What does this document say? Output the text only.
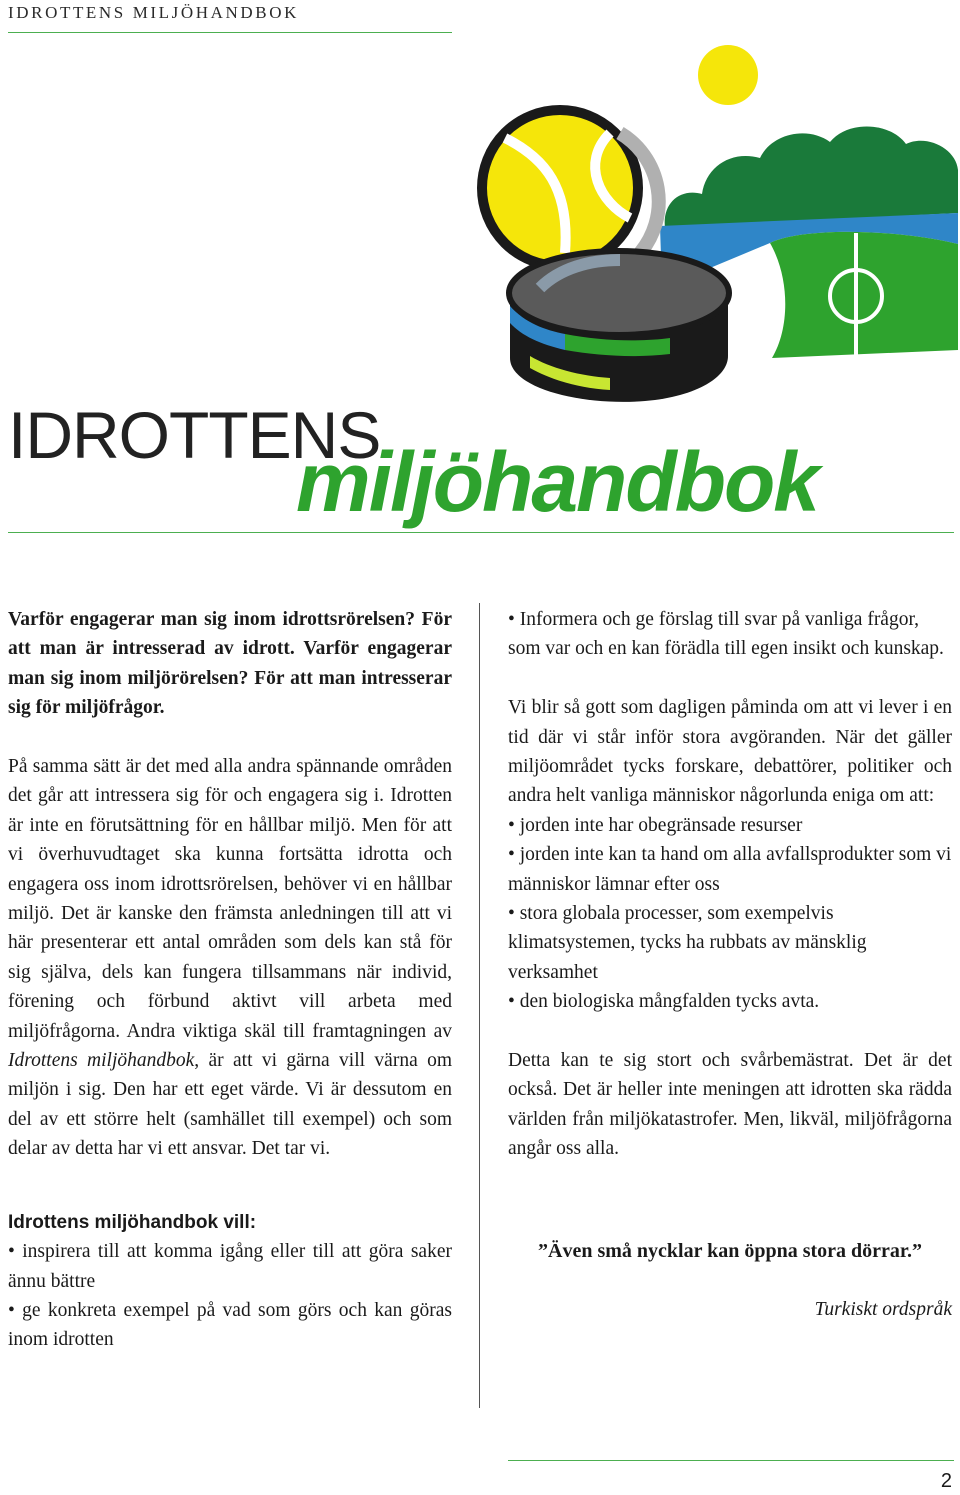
IDROTTENS MILJÖHANDBOK
IDROTTENS
miljöhandbok

Varför engagerar man sig inom idrottsrörelsen? För att man är intresserad av idrott. Varför engagerar man sig inom miljörörelsen? För att man intresserar sig för miljöfrågor.

På samma sätt är det med alla andra spännande områden det går att intressera sig för och engagera sig i. Idrotten är inte en förutsättning för en hållbar miljö. Men för att vi överhuvudtaget ska kunna fortsätta idrotta och engagera oss inom idrottsrörelsen, behöver vi en hållbar miljö. Det är kanske den främsta anledningen till att vi här presenterar ett antal områden som dels kan stå för sig själva, dels kan fungera tillsammans när individ, förening och förbund aktivt vill arbeta med miljöfrågorna. Andra viktiga skäl till framtagningen av Idrottens miljöhandbok, är att vi gärna vill värna om miljön i sig. Den har ett eget värde. Vi är dessutom en del av ett större helt (samhället till exempel) och som delar av detta har vi ett ansvar. Det tar vi.

Idrottens miljöhandbok vill:

• inspirera till att komma igång eller till att göra saker ännu bättre

• ge konkreta exempel på vad som görs och kan göras inom idrotten

• Informera och ge förslag till svar på vanliga frågor, som var och en kan förädla till egen insikt och kunskap.

Vi blir så gott som dagligen påminda om att vi lever i en tid där vi står inför stora avgöranden. När det gäller miljöområdet tycks forskare, debattörer, politiker och andra helt vanliga människor någorlunda eniga om att:

• jorden inte har obegränsade resurser

• jorden inte kan ta hand om alla avfallsprodukter som vi människor lämnar efter oss

• stora globala processer, som exempelvis klimatsystemen, tycks ha rubbats av mänsklig verksamhet

• den biologiska mångfalden tycks avta.

Detta kan te sig stort och svårbemästrat. Det är det också. Det är heller inte meningen att idrotten ska rädda världen från miljökatastrofer. Men, likväl, miljöfrågorna angår oss alla.

”Även små nycklar kan öppna stora dörrar.”

Turkiskt ordspråk

2
